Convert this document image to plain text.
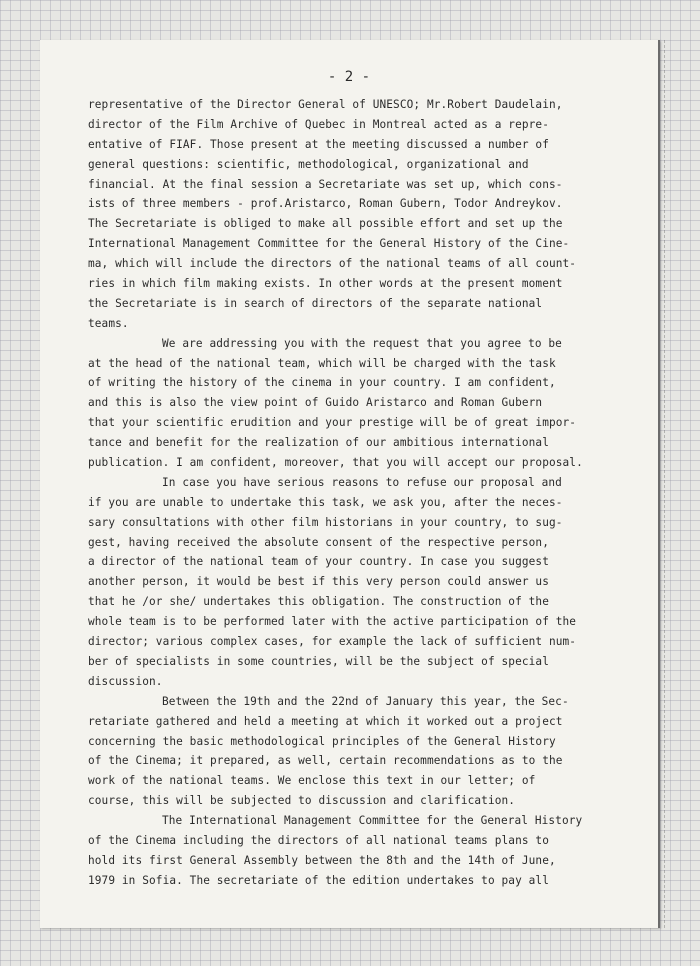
- 2 -
representative of the Director General of UNESCO; Mr.Robert Daudelain,
director of the Film Archive of Quebec in Montreal acted as a repre-
entative of FIAF. Those present at the meeting discussed a number of
general questions: scientific, methodological, organizational and
financial. At the final session a Secretariate was set up, which cons-
ists of three members - prof.Aristarco, Roman Gubern, Todor Andreykov.
The Secretariate is obliged to make all possible effort and set up the
International Management Committee for the General History of the Cine-
ma, which will include the directors of the national teams of all count-
ries in which film making exists. In other words at the present moment
the Secretariate is in search of directors of the separate national
teams.
We are addressing you with the request that you agree to be
at the head of the national team, which will be charged with the task
of writing the history of the cinema in your country. I am confident,
and this is also the view point of Guido Aristarco and Roman Gubern
that your scientific erudition and your prestige will be of great impor-
tance and benefit for the realization of our ambitious international
publication. I am confident, moreover, that you will accept our proposal.
In case you have serious reasons to refuse our proposal and
if you are unable to undertake this task, we ask you, after the neces-
sary consultations with other film historians in your country, to sug-
gest, having received the absolute consent of the respective person,
a director of the national team of your country. In case you suggest
another person, it would be best if this very person could answer us
that he /or she/ undertakes this obligation. The construction of the
whole team is to be performed later with the active participation of the
director; various complex cases, for example the lack of sufficient num-
ber of specialists in some countries, will be the subject of special
discussion.
Between the 19th and the 22nd of January this year, the Sec-
retariate gathered and held a meeting at which it worked out a project
concerning the basic methodological principles of the General History
of the Cinema; it prepared, as well, certain recommendations as to the
work of the national teams. We enclose this text in our letter; of
course, this will be subjected to discussion and clarification.
The International Management Committee for the General History
of the Cinema including the directors of all national teams plans to
hold its first General Assembly between the 8th and the 14th of June,
1979 in Sofia. The secretariate of the edition undertakes to pay all
